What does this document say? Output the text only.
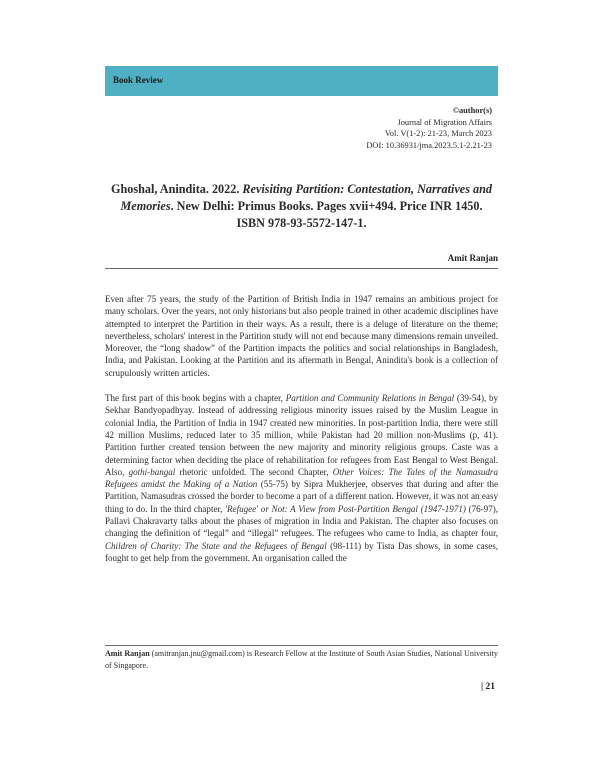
Book Review
©author(s)
Journal of Migration Affairs
Vol. V(1-2): 21-23, March 2023
DOI: 10.36931/jma.2023.5.1-2.21-23
Ghoshal, Anindita. 2022. Revisiting Partition: Contestation, Narratives and Memories. New Delhi: Primus Books. Pages xvii+494. Price INR 1450. ISBN 978-93-5572-147-1.
Amit Ranjan

Even after 75 years, the study of the Partition of British India in 1947 remains an ambitious project for many scholars. Over the years, not only historians but also people trained in other academic disciplines have attempted to interpret the Partition in their ways. As a result, there is a deluge of literature on the theme; nevertheless, scholars' interest in the Partition study will not end because many dimensions remain unveiled. Moreover, the “long shadow” of the Partition impacts the politics and social relationships in Bangladesh, India, and Pakistan. Looking at the Partition and its aftermath in Bengal, Anindita's book is a collection of scrupulously written articles.

The first part of this book begins with a chapter, Partition and Community Relations in Bengal (39-54), by Sekhar Bandyopadhyay. Instead of addressing religious minority issues raised by the Muslim League in colonial India, the Partition of India in 1947 created new minorities. In post-partition India, there were still 42 million Muslims, reduced later to 35 million, while Pakistan had 20 million non-Muslims (p, 41). Partition further created tension between the new majority and minority religious groups. Caste was a determining factor when deciding the place of rehabilitation for refugees from East Bengal to West Bengal. Also, gothi-bangal rhetoric unfolded. The second Chapter, Other Voices: The Tales of the Namasudra Refugees amidst the Making of a Nation (55-75) by Sipra Mukherjee, observes that during and after the Partition, Namasudras crossed the border to become a part of a different nation. However, it was not an easy thing to do. In the third chapter, 'Refugee' or Not: A View from Post-Partition Bengal (1947-1971) (76-97), Pallavi Chakravarty talks about the phases of migration in India and Pakistan. The chapter also focuses on changing the definition of “legal” and “illegal” refugees. The refugees who came to India, as chapter four, Children of Charity: The State and the Refugees of Bengal (98-111) by Tista Das shows, in some cases, fought to get help from the government. An organisation called the

Amit Ranjan (amitranjan.jnu@gmail.com) is Research Fellow at the Institute of South Asian Studies, National University of Singapore.
| 21
